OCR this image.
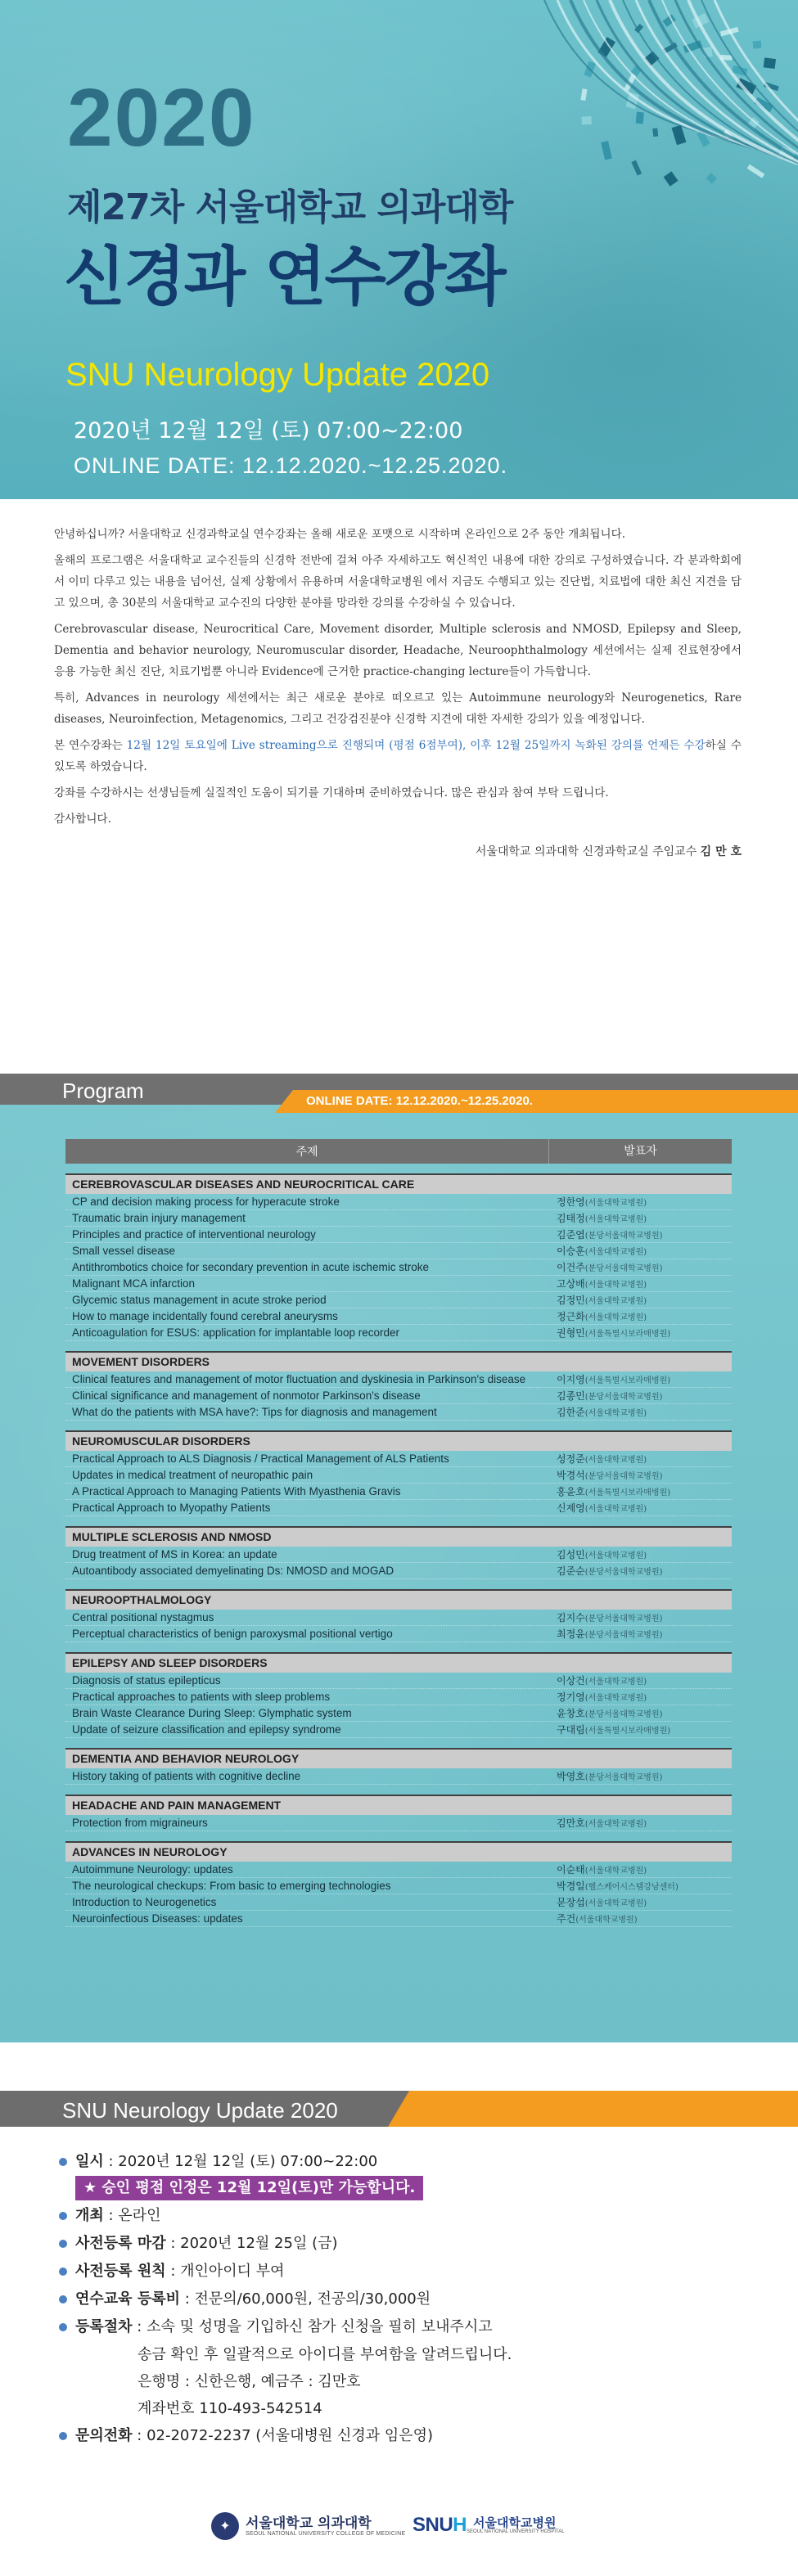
2020
제27차 서울대학교 의과대학
신경과 연수강좌
SNU Neurology Update 2020
2020년 12월 12일 (토) 07:00~22:00
ONLINE DATE: 12.12.2020.~12.25.2020.

안녕하십니까? 서울대학교 신경과학교실 연수강좌는 올해 새로운 포맷으로 시작하며 온라인으로 2주 동안 개최됩니다.

올해의 프로그램은 서울대학교 교수진들의 신경학 전반에 걸쳐 아주 자세하고도 혁신적인 내용에 대한 강의로 구성하였습니다. 각 분과학회에서 이미 다루고 있는 내용을 넘어선, 실제 상황에서 유용하며 서울대학교병원 에서 지금도 수행되고 있는 진단법, 치료법에 대한 최신 지견을 담고 있으며, 총 30분의 서울대학교 교수진의 다양한 분야를 망라한 강의를 수강하실 수 있습니다.

Cerebrovascular disease, Neurocritical Care, Movement disorder, Multiple sclerosis and NMOSD, Epilepsy and Sleep, Dementia and behavior neurology, Neuromuscular disorder, Headache, Neuroophthalmology 세션에서는 실제 진료현장에서 응용 가능한 최신 진단, 치료기법뿐 아니라 Evidence에 근거한 practice-changing lecture들이 가득합니다.

특히, Advances in neurology 세션에서는 최근 새로운 분야로 떠오르고 있는 Autoimmune neurology와 Neurogenetics, Rare diseases, Neuroinfection, Metagenomics, 그리고 건강검진분야 신경학 지견에 대한 자세한 강의가 있을 예정입니다.

본 연수강좌는 12월 12일 토요일에 Live streaming으로 진행되며 (평점 6점부여), 이후 12월 25일까지 녹화된 강의를 언제든 수강하실 수 있도록 하였습니다.

강좌를 수강하시는 선생님들께 실질적인 도움이 되기를 기대하며 준비하였습니다. 많은 관심과 참여 부탁 드립니다.

감사합니다.

서울대학교 의과대학 신경과학교실 주임교수 김 만 호
Program	ONLINE DATE: 12.12.2020.~12.25.2020.
주제	발표자
CEREBROVASCULAR DISEASES AND NEUROCRITICAL CARE
CP and decision making process for hyperacute stroke	정한영(서울대학교병원)
Traumatic brain injury management	김태정(서울대학교병원)
Principles and practice of interventional neurology	김준엽(분당서울대학교병원)
Small vessel disease	이승훈(서울대학교병원)
Antithrombotics choice for secondary prevention in acute ischemic stroke	이건주(분당서울대학교병원)
Malignant MCA infarction	고상배(서울대학교병원)
Glycemic status management in acute stroke period	김정민(서울대학교병원)
How to manage incidentally found cerebral aneurysms	정근화(서울대학교병원)
Anticoagulation for ESUS: application for implantable loop recorder	권형민(서울특별시보라매병원)
MOVEMENT DISORDERS
Clinical features and management of motor fluctuation and dyskinesia in Parkinson's disease	이지영(서울특별시보라매병원)
Clinical significance and management of nonmotor Parkinson's disease	김종민(분당서울대학교병원)
What do the patients with MSA have?: Tips for diagnosis and management	김한준(서울대학교병원)
NEUROMUSCULAR DISORDERS
Practical Approach to ALS Diagnosis / Practical Management of ALS Patients	성정준(서울대학교병원)
Updates in medical treatment of neuropathic pain	박경석(분당서울대학교병원)
A Practical Approach to Managing Patients With Myasthenia Gravis	홍윤호(서울특별시보라매병원)
Practical Approach to Myopathy Patients	신제영(서울대학교병원)
MULTIPLE SCLEROSIS AND NMOSD
Drug treatment of MS in Korea: an update	김성민(서울대학교병원)
Autoantibody associated demyelinating Ds: NMOSD and MOGAD	김준순(분당서울대학교병원)
NEUROOPTHALMOLOGY
Central positional nystagmus	김지수(분당서울대학교병원)
Perceptual characteristics of benign paroxysmal positional vertigo	최정윤(분당서울대학교병원)
EPILEPSY AND SLEEP DISORDERS
Diagnosis of status epilepticus	이상건(서울대학교병원)
Practical approaches to patients with sleep problems	정기영(서울대학교병원)
Brain Waste Clearance During Sleep: Glymphatic system	윤창호(분당서울대학교병원)
Update of seizure classification and epilepsy syndrome	구대림(서울특별시보라매병원)
DEMENTIA AND BEHAVIOR NEUROLOGY
History taking of patients with cognitive decline	박영호(분당서울대학교병원)
HEADACHE AND PAIN MANAGEMENT
Protection from migraineurs	김만호(서울대학교병원)
ADVANCES IN NEUROLOGY
Autoimmune Neurology: updates	이순태(서울대학교병원)
The neurological checkups: From basic to emerging technologies	박경일(헬스케어시스템강남센터)
Introduction to Neurogenetics	문장섭(서울대학교병원)
Neuroinfectious Diseases: updates	주건(서울대학교병원)
SNU Neurology Update 2020
일시 : 2020년 12월 12일 (토) 07:00~22:00
★ 승인 평점 인정은 12월 12일(토)만 가능합니다.
개최 : 온라인
사전등록 마감 : 2020년 12월 25일 (금)
사전등록 원칙 : 개인아이디 부여
연수교육 등록비 : 전문의/60,000원, 전공의/30,000원
등록절차 : 소속 및 성명을 기입하신 참가 신청을 필히 보내주시고
송금 확인 후 일괄적으로 아이디를 부여함을 알려드립니다.
은행명 : 신한은행, 예금주 : 김만호
계좌번호 110-493-542514
문의전화 : 02-2072-2237 (서울대병원 신경과 임은영)
✦	서울대학교 의과대학
SEOUL NATIONAL UNIVERSITY COLLEGE OF MEDICINE SNUH 서울대학교병원
SEOUL NATIONAL UNIVERSITY HOSPITAL
